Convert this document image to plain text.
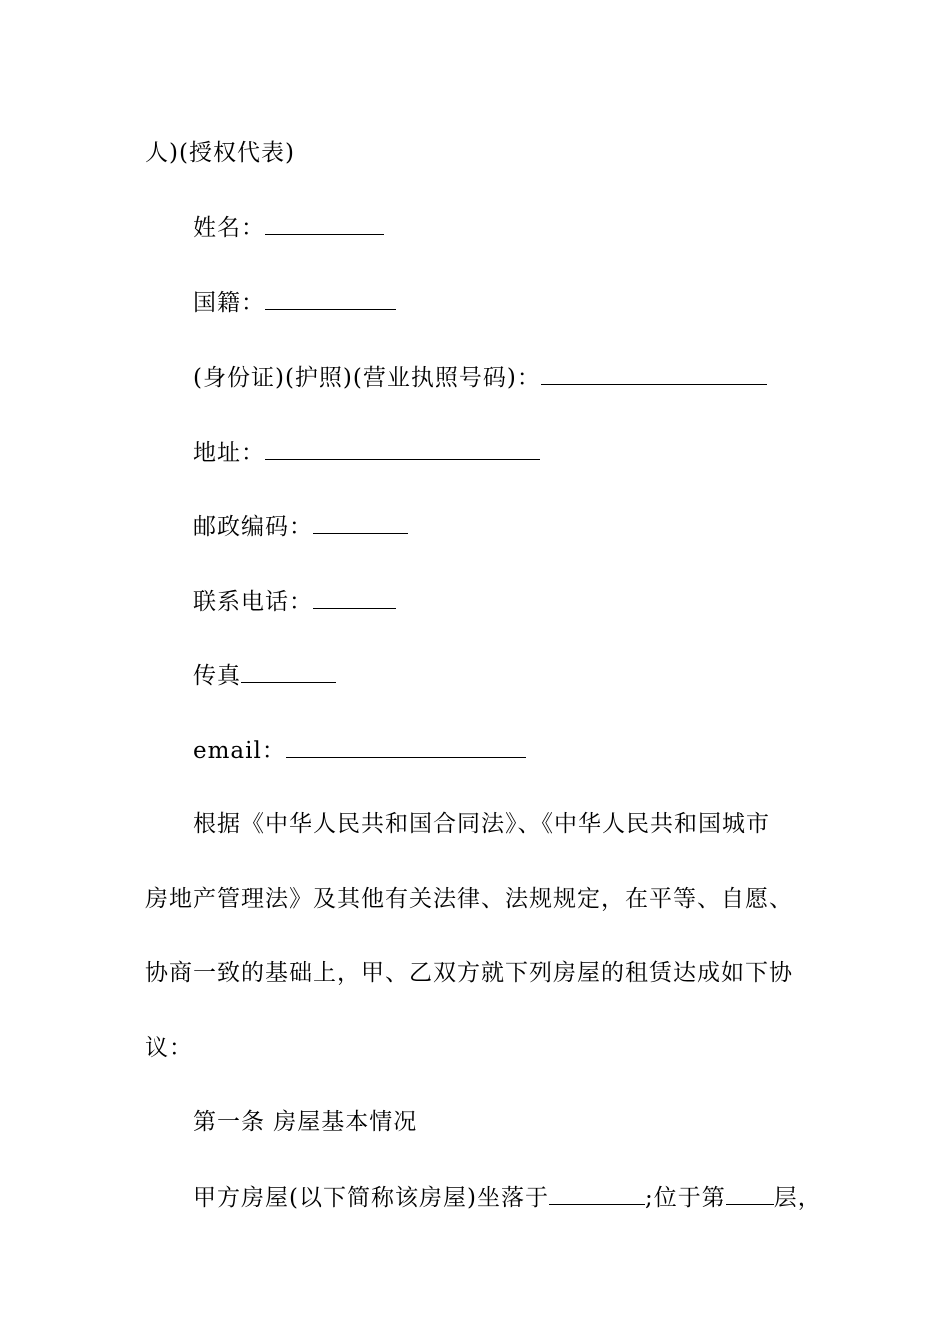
人)(授权代表)
姓名：
国籍：
(身份证)(护照)(营业执照号码)：
地址：
邮政编码：
联系电话：
传真
email：
根据《中华人民共和国合同法》、《中华人民共和国城市
房地产管理法》及其他有关法律、法规规定，在平等、自愿、
协商一致的基础上，甲、乙双方就下列房屋的租赁达成如下协
议：
第一条 房屋基本情况
甲方房屋(以下简称该房屋)坐落于	;位于第 层，
